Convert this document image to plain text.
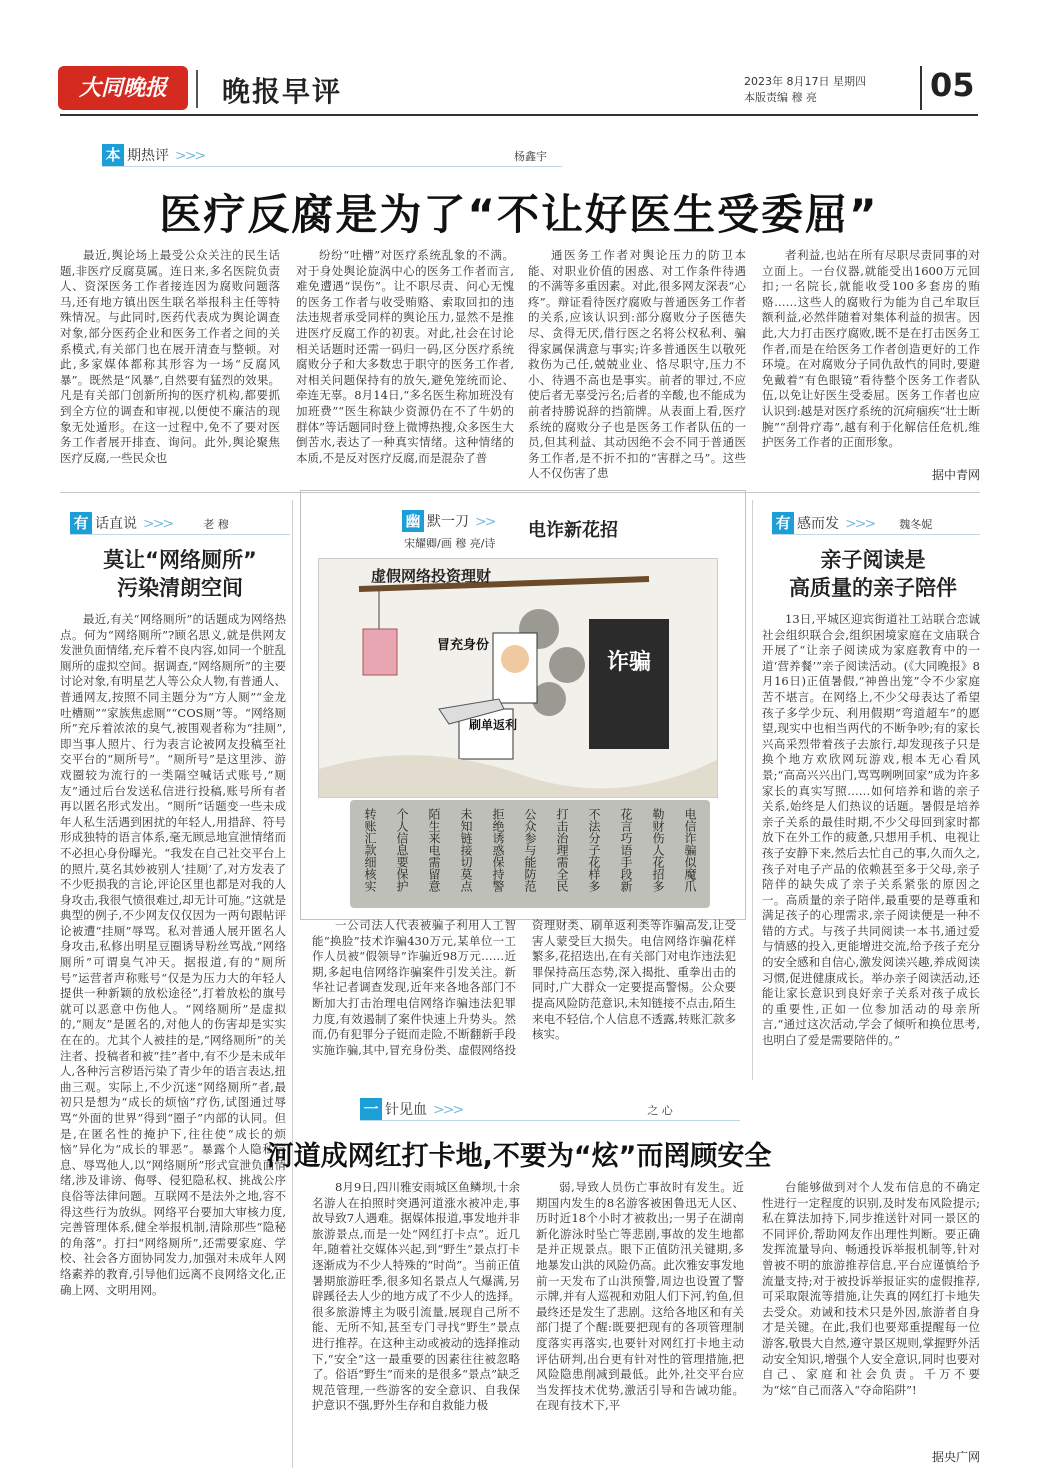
大同晚报	晚报早评	2023年 8月17日 星期四
本版责编 穆 亮	05
本 期热评 >>>	杨鑫宇
医疗反腐是为了“不让好医生受委屈”

最近,舆论场上最受公众关注的民生话题,非医疗反腐莫属。连日来,多名医院负责人、资深医务工作者接连因为腐败问题落马,还有地方镇出医生联名举报科主任等特殊情况。与此同时,医药代表成为舆论调查对象,部分医药企业和医务工作者之间的关系模式,有关部门也在展开清查与整顿。对此,多家媒体都称其形容为一场“反腐风暴”。既然是“风暴”,自然要有猛烈的效果。凡是有关部门创新所拘的医疗机构,都要抓到全方位的调查和审视,以便使不廉洁的现象无处遁形。在这一过程中,免不了要对医务工作者展开排查、询问。此外,舆论聚焦医疗反腐,一些民众也

纷纷“吐槽”对医疗系统乱象的不满。对于身处舆论旋涡中心的医务工作者而言,难免遭遇“误伤”。让不职尽责、问心无愧的医务工作者与收受贿赂、索取回扣的违法违规者承受同样的舆论压力,显然不是推进医疗反腐工作的初衷。对此,社会在讨论相关话题时还需一码归一码,区分医疗系统腐败分子和大多数忠于职守的医务工作者,对相关问题保持有的放矢,避免笼统而论、牵连无辜。8月14日,“多名医生称加班没有加班费”“医生称缺少资源仍在不了牛奶的群体”等话题同时登上微博热搜,众多医生大倒苦水,表达了一种真实情绪。这种情绪的本质,不是反对医疗反腐,而是混杂了普

通医务工作者对舆论压力的防卫本能、对职业价值的困惑、对工作条件待遇的不满等多重因素。对此,很多网友深表“心疼”。辩证看待医疗腐败与普通医务工作者的关系,应该认识到:部分腐败分子医德失尽、贪得无厌,借行医之名将公权私利、骗得家属保满意与事实;许多普通医生以敬死救伤为己任,兢兢业业、恪尽职守,压力不小、待遇不高也是事实。前者的罪过,不应使后者无辜受污名;后者的辛酸,也不能成为前者持勝说辞的挡箭牌。从表面上看,医疗系统的腐败分子也是医务工作者队伍的一员,但其利益、其动因绝不会不同于普通医务工作者,是不折不扣的“害群之马”。这些人不仅伤害了患

者利益,也站在所有尽职尽责同事的对立面上。一台仪器,就能受出1600万元回扣;一名院长,就能收受100多套房的贿赂……这些人的腐败行为能为自己牟取巨额利益,必然伴随着对集体利益的损害。因此,大力打击医疗腐败,既不是在打击医务工作者,而是在给医务工作者创造更好的工作环境。在对腐败分子同仇敌忾的同时,要避免戴着“有色眼镜”看待整个医务工作者队伍,以免让好医生受委屈。医务工作者也应认识到:越是对医疗系统的沉疴痼疾“壮士断腕”“刮骨疗毒”,越有利于化解信任危机,维护医务工作者的正面形象。

据中青网
有 话直说 >>>	老 穆
莫让“网络厕所”
污染清朗空间

最近,有关“网络厕所”的话题成为网络热点。何为“网络厕所”?顾名思义,就是供网友发泄负面情绪,充斥着不良内容,如同一个脏乱厕所的虚拟空间。据调查,“网络厕所”的主要讨论对象,有明星艺人等公众人物,有普通人、普通网友,按照不同主题分为“方人厕”“金龙吐槽厕”“家族焦虑厕”“COS厕”等。“网络厕所”充斥着浓浓的臭气,被围观者称为“挂厕”,即当事人照片、行为表言论被网友投稿至社交平台的“厕所号”。“厕所号”是这里涉、游戏圈较为流行的一类隔空喊话式账号,“厕友”通过后台发送私信进行投稿,账号所有者再以匿名形式发出。“厕所”话题变一些未成年人私生活遇到困扰的年轻人,用措辞、符号形成独特的语言体系,毫无顾忌地宣泄情绪而不必担心身份曝光。“我发在自己社交平台上的照片,莫名其妙被别人‘挂厕’了,对方发表了不少贬损我的言论,评论区里也都是对我的人身攻击,我很气愤很难过,却无计可施。”这就是典型的例子,不少网友仅仅因为一两句跟帖评论被遭“挂厕”辱骂。私对普通人展开匿名人身攻击,私修出明星豆圈诱导粉丝骂战,“网络厕所”可谓臭气冲天。据报道,有的“厕所号”运营者声称账号“仅是为压力大的年轻人提供一种新颖的放松途径”,打着放松的旗号就可以恶意中伤他人。“网络厕所”是虚拟的,“厕友”是匿名的,对他人的伤害却是实实在在的。尤其个人被挂的是,“网络厕所”的关注者、投稿者和被“挂”者中,有不少是未成年人,各种污言秽语污染了青少年的语言表达,扭曲三观。实际上,不少沉迷“网络厕所”者,最初只是想为“成长的烦恼”疗伤,试图通过辱骂“外面的世界”得到“圈子”内部的认同。但是,在匿名性的掩护下,往往使“成长的烦恼”异化为“成长的罪恶”。暴露个人隐私信息、辱骂他人,以“网络厕所”形式宣泄负面情绪,涉及诽谤、侮辱、侵犯隐私权、挑战公序良俗等法律问题。互联网不是法外之地,容不得这些行为放纵。网络平台要加大审核力度,完善管理体系,健全举报机制,清除那些“隐秘的角落”。打扫“网络厕所”,还需要家庭、学校、社会各方面协同发力,加强对未成年人网络素养的教育,引导他们远离不良网络文化,正确上网、文明用网。

幽 默一刀 >>
宋耀卿/画 穆 亮/诗
电诈新花招
诈骗
刷单返利
冒充身份
虚假网络投资理财
电信诈骗似魔爪
勒财伤人花招多
花言巧语手段新
不法分子花样多
打击治理需全民
公众参与能防范
拒绝诱惑保持警
未知链接切莫点
陌生来电需留意
个人信息要保护
转账汇款细核实

一公司法人代表被骗子利用人工智能“换脸”技术诈骗430万元,某单位一工作人员被“假领导”诈骗近98万元……近期,多起电信网络诈骗案件引发关注。新华社记者调查发现,近年来各地各部门不断加大打击治理电信网络诈骗违法犯罪力度,有效遏制了案件快速上升势头。然而,仍有犯罪分子铤而走险,不断翻新手段实施诈骗,其中,冒充身份类、虚假网络投资理财类、刷单返利类等诈骗高发,让受害人蒙受巨大损失。电信网络诈骗花样繁多,花招迭出,在有关部门对电诈违法犯罪保持高压态势,深入揭批、重拳出击的同时,广大群众一定要提高警惕。公众要提高风险防范意识,未知链接不点击,陌生来电不轻信,个人信息不透露,转账汇款多核实。

有 感而发 >>> 魏冬妮
亲子阅读是
高质量的亲子陪伴

13日,平城区迎宾街道社工站联合恋诚社会组织联合会,组织困境家庭在文庙联合开展了“让亲子阅读成为家庭教育中的一道‘营养餐’”亲子阅读活动。(《大同晚报》8月16日)正值暑假,“神兽出笼”令不少家庭苦不堪言。在网络上,不少父母表达了希望孩子多学少玩、利用假期“弯道超车”的愿望,现实中也相当两代的不断争吵;有的家长兴高采烈带着孩子去旅行,却发现孩子只是换个地方欢欣网玩游戏,根本无心看风景;“高高兴兴出门,骂骂咧咧回家”成为许多家长的真实写照……如何培养和谐的亲子关系,始终是人们热议的话题。暑假是培养亲子关系的最佳时期,不少父母回到家时都放下在外工作的疲惫,只想用手机、电视让孩子安静下来,然后去忙自己的事,久而久之,孩子对电子产品的依赖甚至多于父母,亲子陪伴的缺失成了亲子关系紧张的原因之一。高质量的亲子陪伴,最重要的是尊重和满足孩子的心理需求,亲子阅读便是一种不错的方式。与孩子共同阅读一本书,通过爱与情感的投入,更能增进交流,给予孩子充分的安全感和自信心,激发阅读兴趣,养成阅读习惯,促进健康成长。举办亲子阅读活动,还能让家长意识到良好亲子关系对孩子成长的重要性,正如一位参加活动的母亲所言,“通过这次活动,学会了倾听和换位思考,也明白了爱是需要陪伴的。”

一 针见血 >>>	之 心
河道成网红打卡地,不要为“炫”而罔顾安全

8月9日,四川雅安雨城区鱼鳞坝,十余名游人在拍照时突遇河道涨水被冲走,事故导致7人遇难。据媒体报道,事发地并非旅游景点,而是一处“网红打卡点”。近几年,随着社交媒体兴起,到“野生”景点打卡逐渐成为不少人特殊的“时尚”。当前正值暑期旅游旺季,很多知名景点人气爆满,另辟蹊径去人少的地方成了不少人的选择。很多旅游博主为吸引流量,展现自己所不能、无所不知,甚至专门寻找“野生”景点进行推荐。在这种主动或被动的选择推动下,“安全”这一最重要的因素往往被忽略了。俗语“野生”而来的是很多“景点”缺乏规范管理,一些游客的安全意识、自我保护意识不强,野外生存和自救能力极

弱,导致人员伤亡事故时有发生。近期国内发生的8名游客被困鲁迅无人区、历时近18个小时才被救出;一男子在湖南新化游泳时坠亡等悲剧,事故的发生地都是并正规景点。眼下正值防汛关键期,多地暴发山洪的风险仍高。此次雅安事发地前一天发布了山洪预警,周边也设置了警示牌,并有人巡视和劝阻人们下河,钓鱼,但最终还是发生了悲剧。这给各地区和有关部门提了个醒:既要把现有的各项管理制度落实再落实,也要针对网红打卡地主动评估研判,出台更有针对性的管理措施,把风险隐患削减到最低。此外,社交平台应当发挥技术优势,激活引导和告诫功能。在现有技术下,平

台能够做到对个人发布信息的不确定性进行一定程度的识别,及时发布风险提示;私在算法加持下,同步推送针对同一景区的不同评价,帮助网友作出理性判断。要正确发挥流量导向、畅通投诉举报机制等,针对曾被不明的旅游推荐信息,平台应谨慎给予流量支持;对于被投诉举报证实的虚假推荐,可采取限流等措施,让失真的网红打卡地失去受众。劝诫和技术只是外因,旅游者自身才是关键。在此,我们也要郑重提醒每一位游客,敬畏大自然,遵守景区规则,掌握野外活动安全知识,增强个人安全意识,同时也要对自己、家庭和社会负责。千万不要为“炫”自己而落入“夺命陷阱”!

据央广网
